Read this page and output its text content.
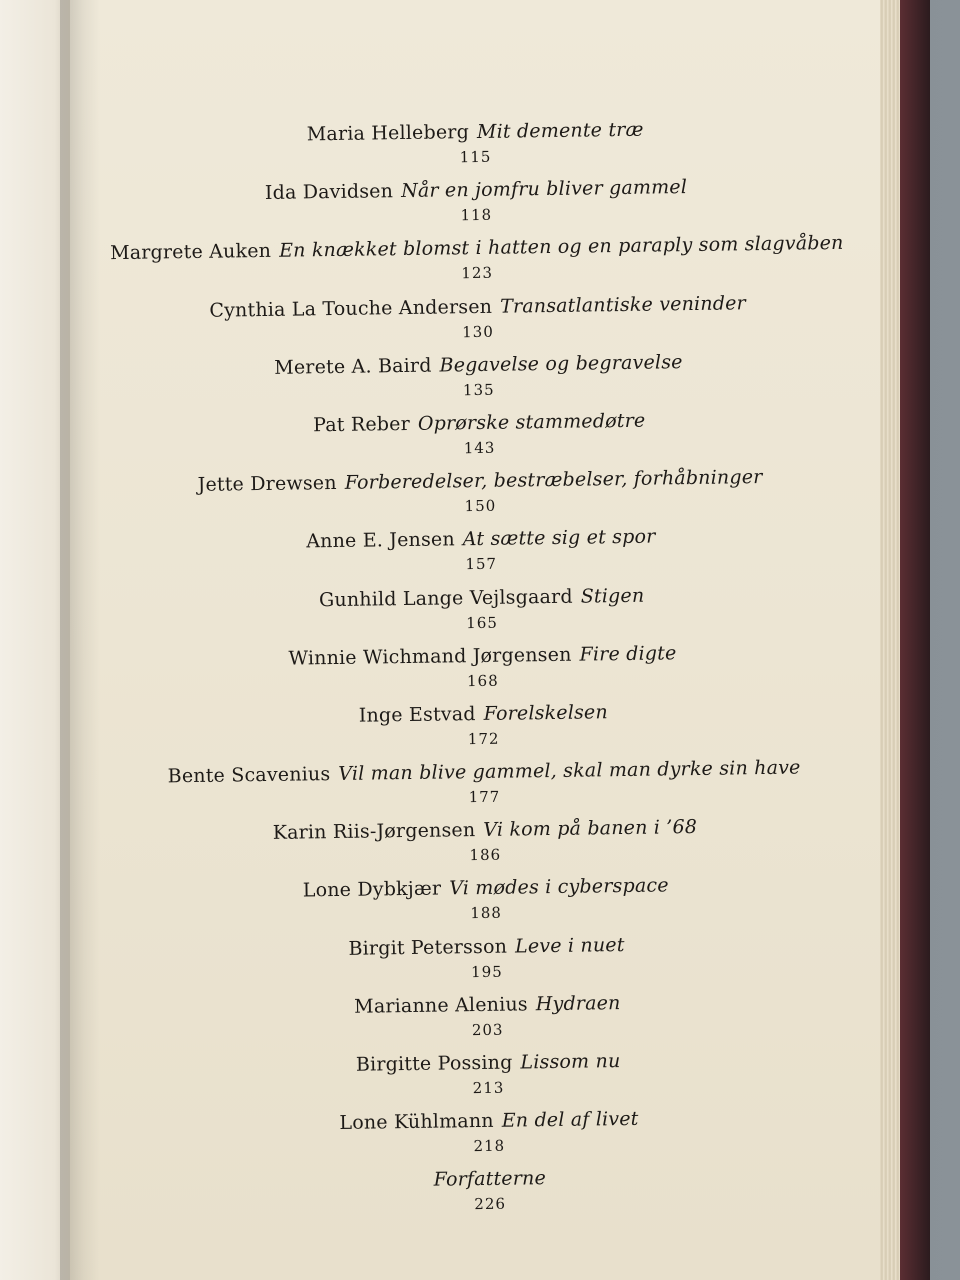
Maria Helleberg Mit demente træ
115
Ida Davidsen Når en jomfru bliver gammel
118
Margrete Auken En knækket blomst i hatten og en paraply som slagvåben
123
Cynthia La Touche Andersen Transatlantiske veninder
130
Merete A. Baird Begavelse og begravelse
135
Pat Reber Oprørske stammedøtre
143
Jette Drewsen Forberedelser, bestræbelser, forhåbninger
150
Anne E. Jensen At sætte sig et spor
157
Gunhild Lange Vejlsgaard Stigen
165
Winnie Wichmand Jørgensen Fire digte
168
Inge Estvad Forelskelsen
172
Bente Scavenius Vil man blive gammel, skal man dyrke sin have
177
Karin Riis-Jørgensen Vi kom på banen i ’68
186
Lone Dybkjær Vi mødes i cyberspace
188
Birgit Petersson Leve i nuet
195
Marianne Alenius Hydraen
203
Birgitte Possing Lissom nu
213
Lone Kühlmann En del af livet
218
Forfatterne
226
